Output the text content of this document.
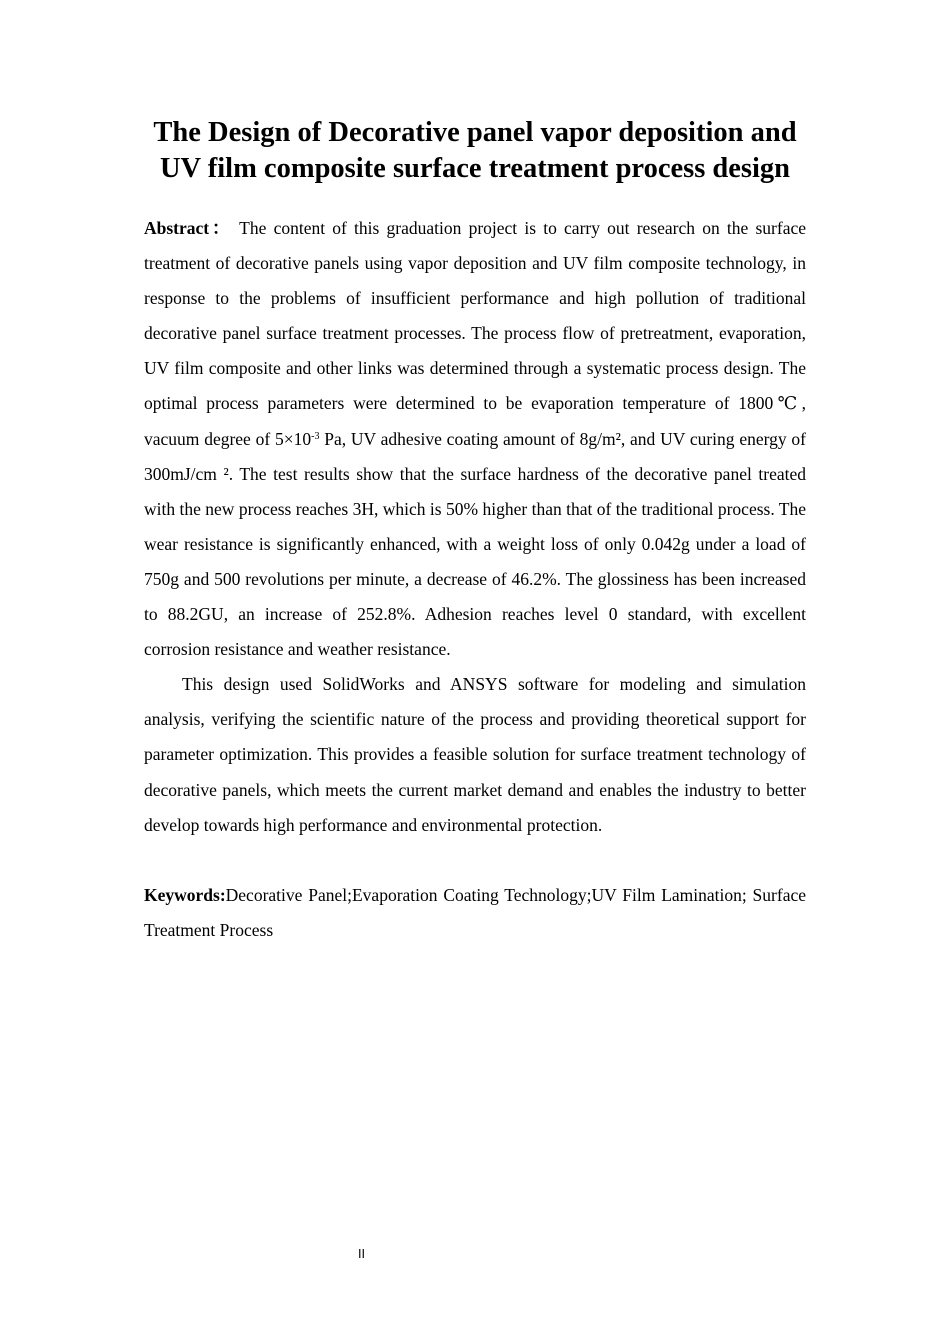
The Design of Decorative panel vapor deposition and
UV film composite surface treatment process design

Abstract： The content of this graduation project is to carry out research on the surface treatment of decorative panels using vapor deposition and UV film composite technology, in response to the problems of insufficient performance and high pollution of traditional decorative panel surface treatment processes. The process flow of pretreatment, evaporation, UV film composite and other links was determined through a systematic process design. The optimal process parameters were determined to be evaporation temperature of 1800℃, vacuum degree of $5\times 10^{-3}$ Pa, UV adhesive coating amount of 8g/m², and UV curing energy of 300mJ/cm ². The test results show that the surface hardness of the decorative panel treated with the new process reaches 3H, which is 50% higher than that of the traditional process. The wear resistance is significantly enhanced, with a weight loss of only 0.042g under a load of 750g and 500 revolutions per minute, a decrease of 46.2%. The glossiness has been increased to 88.2GU, an increase of 252.8%. Adhesion reaches level 0 standard, with excellent corrosion resistance and weather resistance.

This design used SolidWorks and ANSYS software for modeling and simulation analysis, verifying the scientific nature of the process and providing theoretical support for parameter optimization. This provides a feasible solution for surface treatment technology of decorative panels, which meets the current market demand and enables the industry to better develop towards high performance and environmental protection.

Keywords:Decorative Panel;Evaporation Coating Technology;UV Film Lamination; Surface Treatment Process

II
